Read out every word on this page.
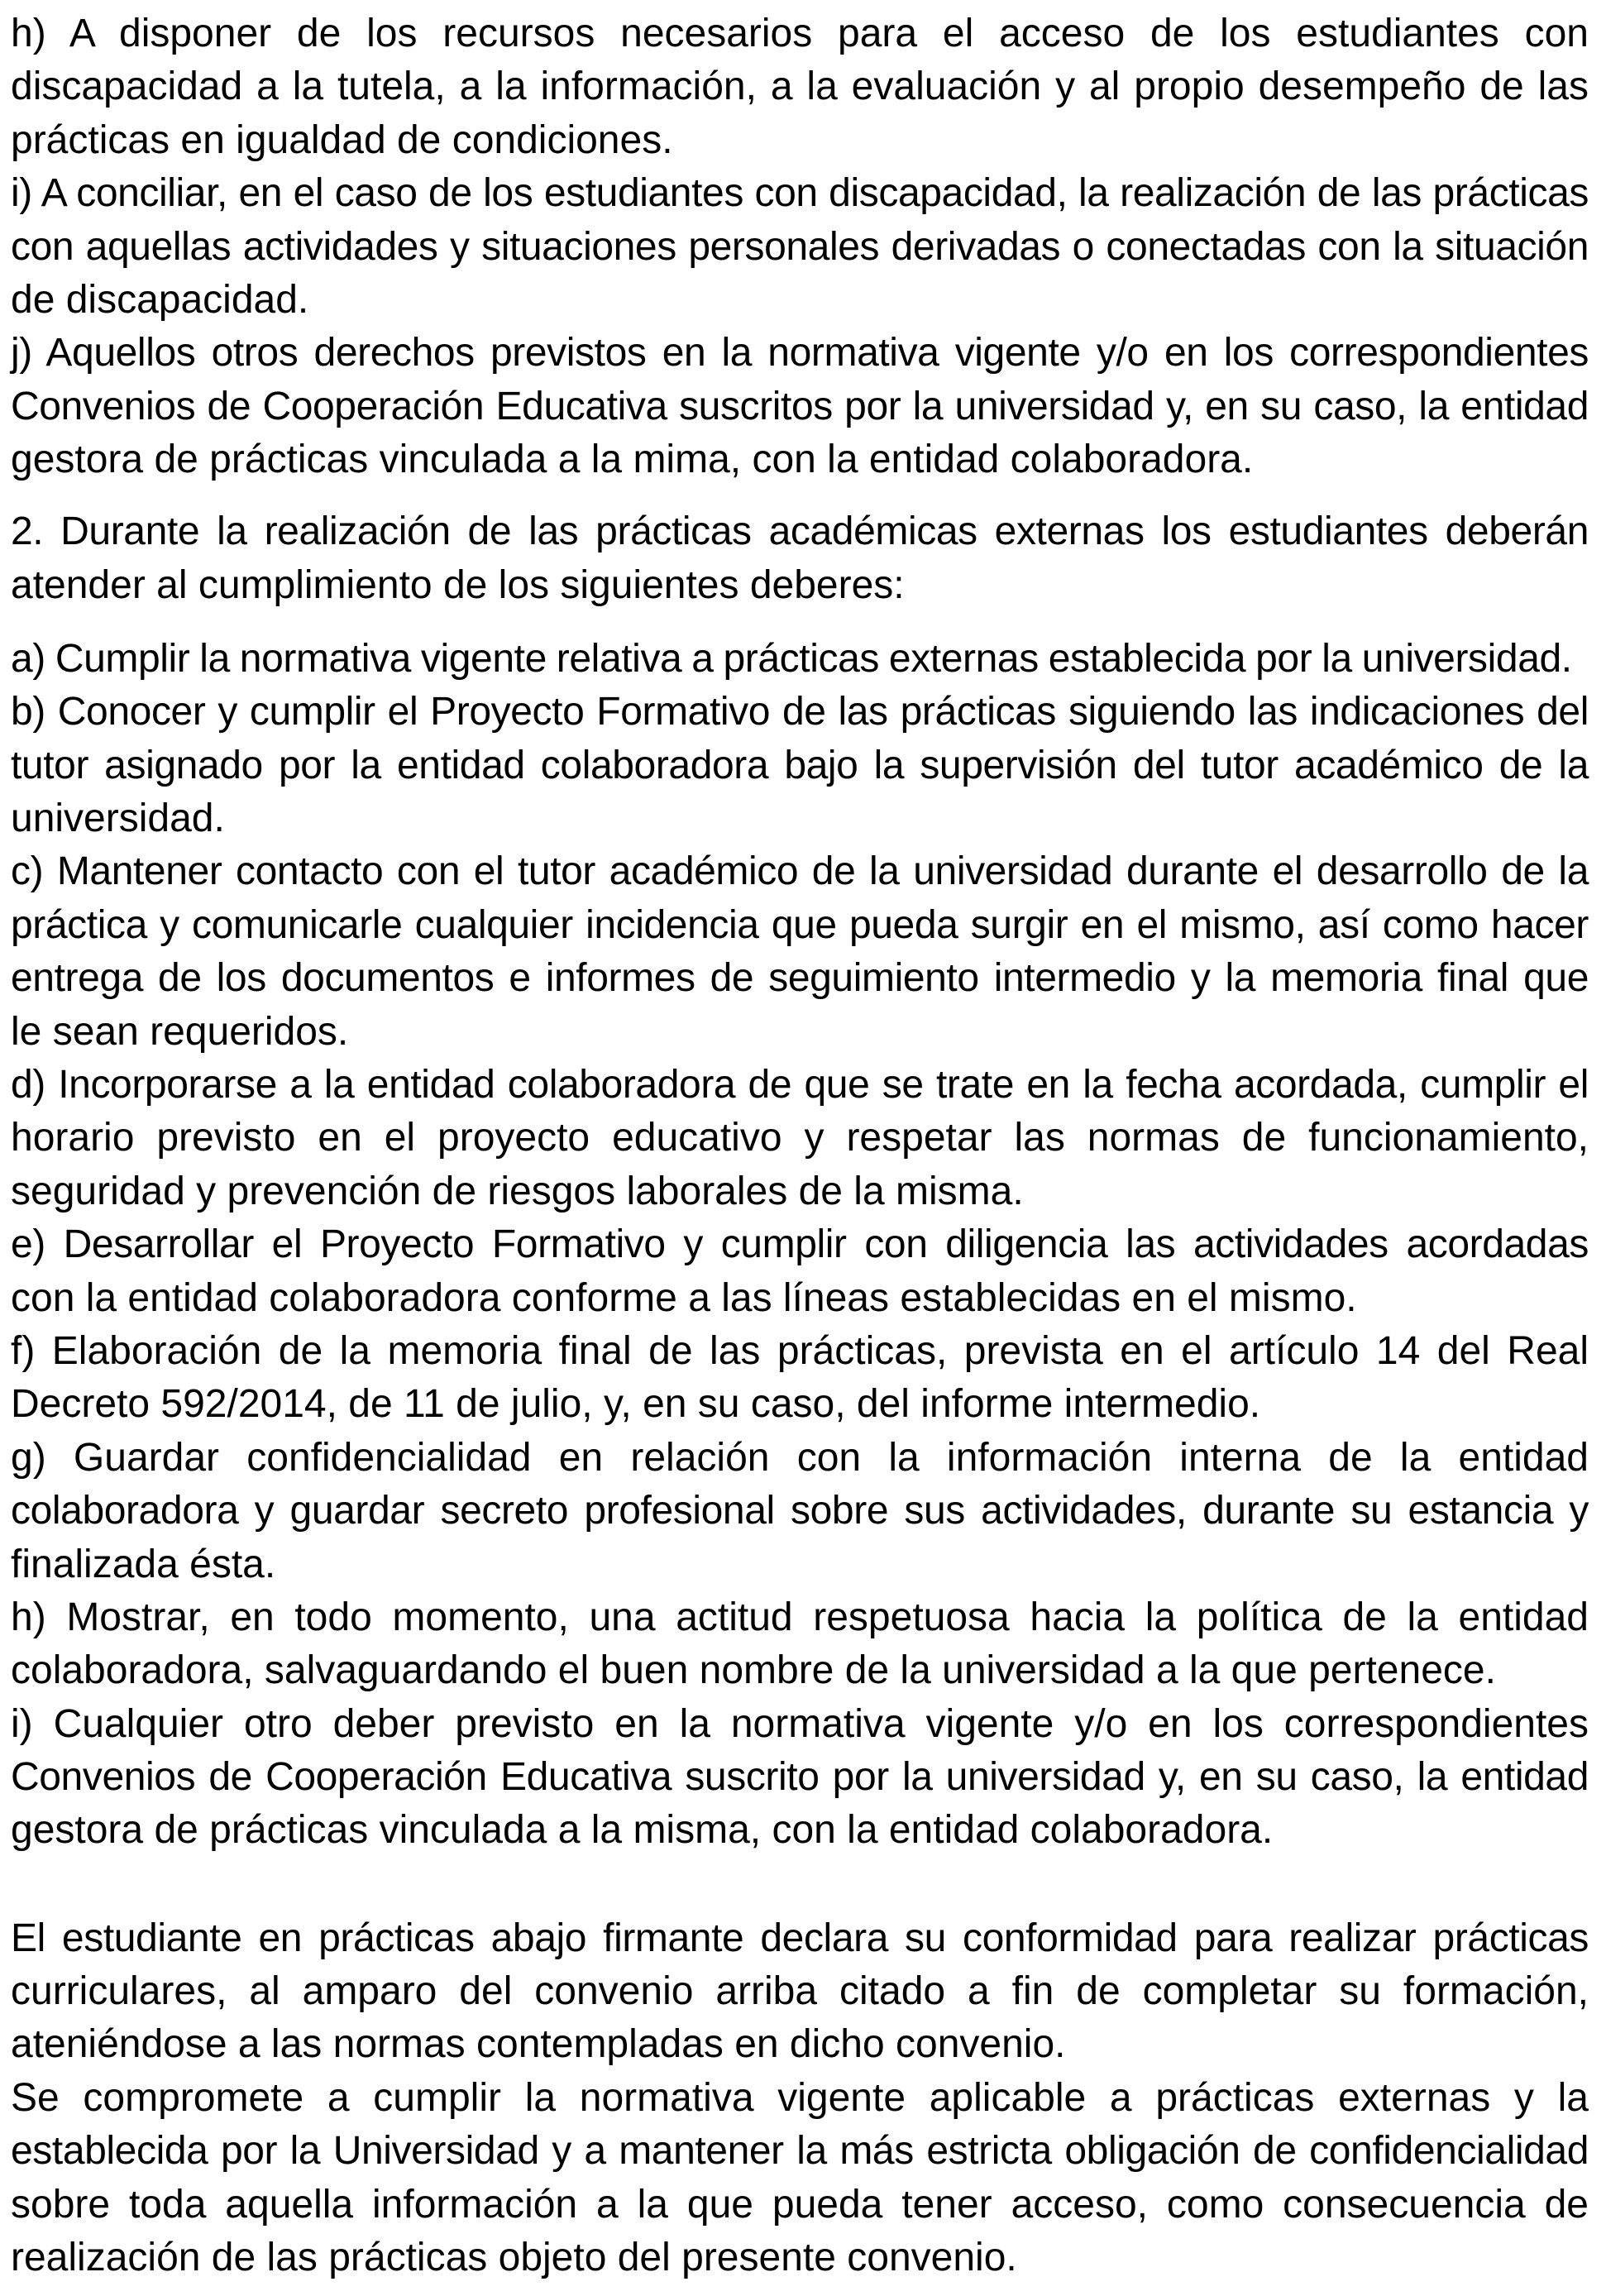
h) A disponer de los recursos necesarios para el acceso de los estudiantes con
discapacidad a la tutela, a la información, a la evaluación y al propio desempeño de las
prácticas en igualdad de condiciones.

i) A conciliar, en el caso de los estudiantes con discapacidad, la realización de las prácticas
con aquellas actividades y situaciones personales derivadas o conectadas con la situación
de discapacidad.

j) Aquellos otros derechos previstos en la normativa vigente y/o en los correspondientes
Convenios de Cooperación Educativa suscritos por la universidad y, en su caso, la entidad
gestora de prácticas vinculada a la mima, con la entidad colaboradora.

2. Durante la realización de las prácticas académicas externas los estudiantes deberán
atender al cumplimiento de los siguientes deberes:

a) Cumplir la normativa vigente relativa a prácticas externas establecida por la universidad.

b) Conocer y cumplir el Proyecto Formativo de las prácticas siguiendo las indicaciones del
tutor asignado por la entidad colaboradora bajo la supervisión del tutor académico de la
universidad.

c) Mantener contacto con el tutor académico de la universidad durante el desarrollo de la
práctica y comunicarle cualquier incidencia que pueda surgir en el mismo, así como hacer
entrega de los documentos e informes de seguimiento intermedio y la memoria final que
le sean requeridos.

d) Incorporarse a la entidad colaboradora de que se trate en la fecha acordada, cumplir el
horario previsto en el proyecto educativo y respetar las normas de funcionamiento,
seguridad y prevención de riesgos laborales de la misma.

e) Desarrollar el Proyecto Formativo y cumplir con diligencia las actividades acordadas
con la entidad colaboradora conforme a las líneas establecidas en el mismo.

f) Elaboración de la memoria final de las prácticas, prevista en el artículo 14 del Real
Decreto 592/2014, de 11 de julio, y, en su caso, del informe intermedio.

g) Guardar confidencialidad en relación con la información interna de la entidad
colaboradora y guardar secreto profesional sobre sus actividades, durante su estancia y
finalizada ésta.

h) Mostrar, en todo momento, una actitud respetuosa hacia la política de la entidad
colaboradora, salvaguardando el buen nombre de la universidad a la que pertenece.

i) Cualquier otro deber previsto en la normativa vigente y/o en los correspondientes
Convenios de Cooperación Educativa suscrito por la universidad y, en su caso, la entidad
gestora de prácticas vinculada a la misma, con la entidad colaboradora.

El estudiante en prácticas abajo firmante declara su conformidad para realizar prácticas
curriculares, al amparo del convenio arriba citado a fin de completar su formación,
ateniéndose a las normas contempladas en dicho convenio.

Se compromete a cumplir la normativa vigente aplicable a prácticas externas y la
establecida por la Universidad y a mantener la más estricta obligación de confidencialidad
sobre toda aquella información a la que pueda tener acceso, como consecuencia de
realización de las prácticas objeto del presente convenio.
